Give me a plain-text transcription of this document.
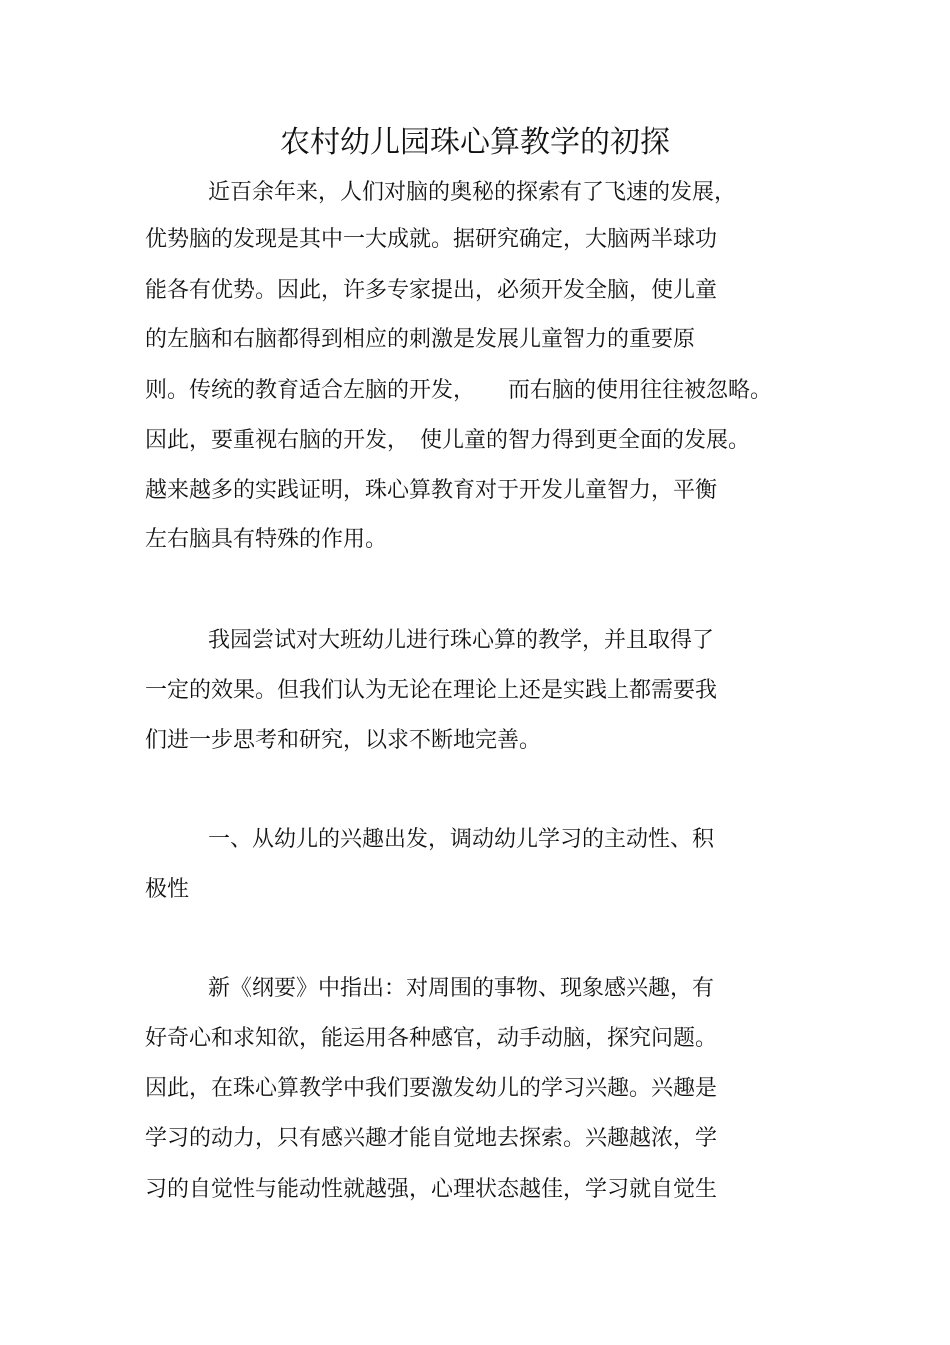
农村幼儿园珠心算教学的初探
近百余年来，人们对脑的奥秘的探索有了飞速的发展，
优势脑的发现是其中一大成就。据研究确定，大脑两半球功
能各有优势。因此，许多专家提出，必须开发全脑，使儿童
的左脑和右脑都得到相应的刺激是发展儿童智力的重要原
则。传统的教育适合左脑的开发，　　而右脑的使用往往被忽略。
因此，要重视右脑的开发，　使儿童的智力得到更全面的发展。
越来越多的实践证明，珠心算教育对于开发儿童智力，平衡
左右脑具有特殊的作用。
我园尝试对大班幼儿进行珠心算的教学，并且取得了
一定的效果。但我们认为无论在理论上还是实践上都需要我
们进一步思考和研究，以求不断地完善。
一、从幼儿的兴趣出发，调动幼儿学习的主动性、积
极性
新《纲要》中指出：对周围的事物、现象感兴趣，有
好奇心和求知欲，能运用各种感官，动手动脑，探究问题。
因此，在珠心算教学中我们要激发幼儿的学习兴趣。兴趣是
学习的动力，只有感兴趣才能自觉地去探索。兴趣越浓，学
习的自觉性与能动性就越强，心理状态越佳，学习就自觉生
